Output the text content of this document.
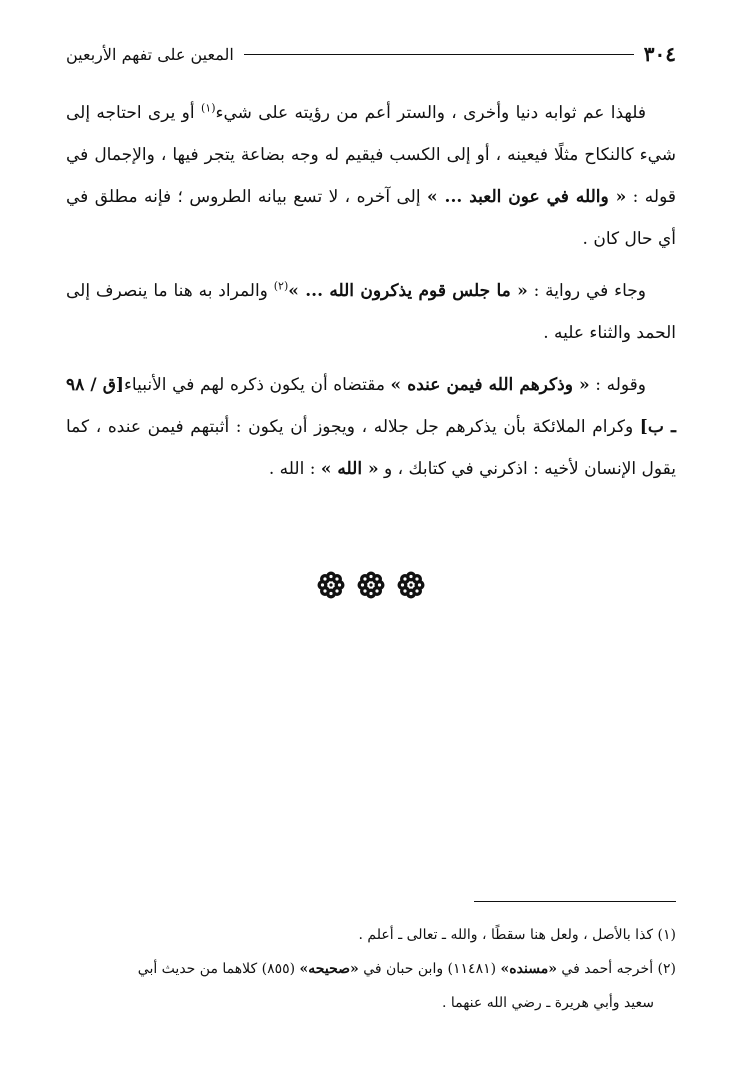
٣٠٤
المعين على تفهم الأربعين

فلهذا عم ثوابه دنيا وأخرى ، والستر أعم من رؤيته على شيء$^{(١)}$ أو يرى احتاجه إلى شيء كالنكاح مثلًا فيعينه ، أو إلى الكسب فيقيم له وجه بضاعة يتجر فيها ، والإجمال في قوله : « والله في عون العبد ... » إلى آخره ، لا تسع بيانه الطروس ؛ فإنه مطلق في أي حال كان .

وجاء في رواية : « ما جلس قوم يذكرون الله ... »$^{(٢)}$ والمراد به هنا ما ينصرف إلى الحمد والثناء عليه .

وقوله : « وذكرهم الله فيمن عنده » مقتضاه أن يكون ذكره لهم في الأنبياء[ق / ٩٨ ـ ب] وكرام الملائكة بأن يذكرهم جل جلاله ، ويجوز أن يكون : أثبتهم فيمن عنده ، كما يقول الإنسان لأخيه : اذكرني في كتابك ، و « الله » : الله .

(١) كذا بالأصل ، ولعل هنا سقطًا ، والله ـ تعالى ـ أعلم .

(٢) أخرجه أحمد في «مسنده» (١١٤٨١) وابن حبان في «صحيحه» (٨٥٥) كلاهما من حديث أبي

سعيد وأبي هريرة ـ رضي الله عنهما .
